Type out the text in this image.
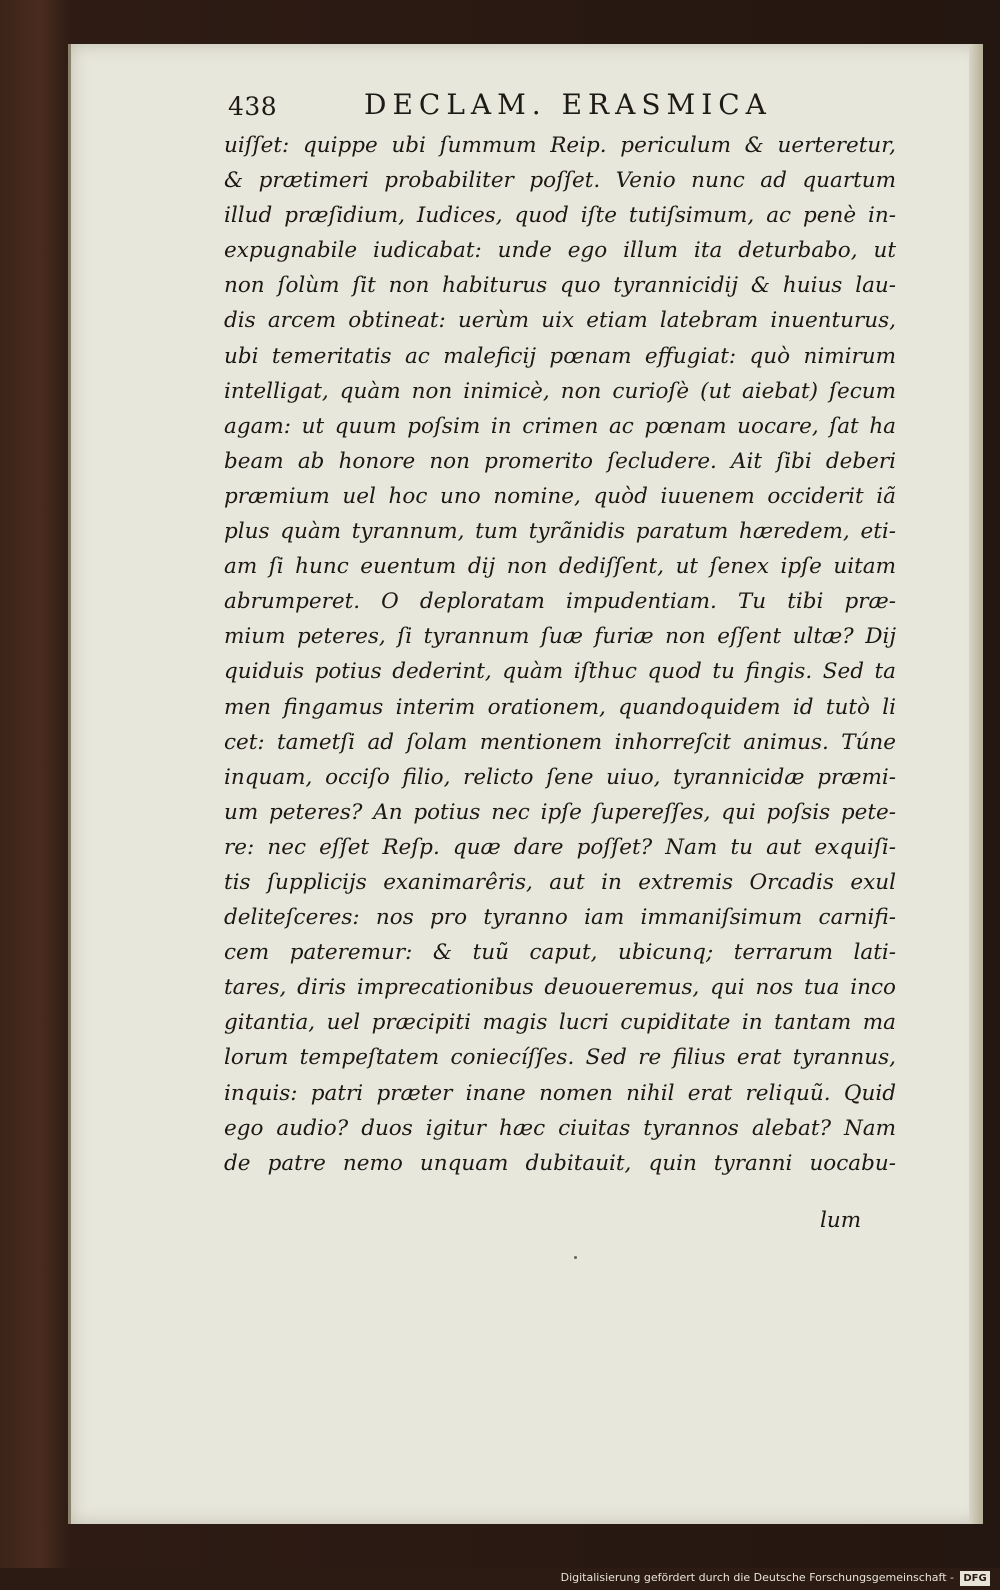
438	DECLAM. ERASMICA
uiſſet: quippe ubi ſummum Reip. periculum & uerteretur,
& prætimeri probabiliter poſſet. Venio nunc ad quartum
illud præſidium, Iudices, quod iſte tutiſsimum, ac penè in-
expugnabile iudicabat: unde ego illum ita deturbabo, ut
non ſolùm ſit non habiturus quo tyrannicidij & huius lau-
dis arcem obtineat: uerùm uix etiam latebram inuenturus,
ubi temeritatis ac maleficij pœnam effugiat: quò nimirum
intelligat, quàm non inimicè, non curioſè (ut aiebat) ſecum
agam: ut quum poſsim in crimen ac pœnam uocare, ſat ha
beam ab honore non promerito ſecludere. Ait ſibi deberi
præmium uel hoc uno nomine, quòd iuuenem occiderit iã
plus quàm tyrannum, tum tyrãnidis paratum hæredem, eti-
am ſi hunc euentum dij non dediſſent, ut ſenex ipſe uitam
abrumperet. O deploratam impudentiam. Tu tibi præ-
mium peteres, ſi tyrannum ſuæ furiæ non eſſent ultæ? Dij
quiduis potius dederint, quàm iſthuc quod tu fingis. Sed ta
men fingamus interim orationem, quandoquidem id tutò li
cet: tametſi ad ſolam mentionem inhorreſcit animus. Túne
inquam, occiſo filio, relicto ſene uiuo, tyrannicidæ præmi-
um peteres? An potius nec ipſe ſupereſſes, qui poſsis pete-
re: nec eſſet Reſp. quæ dare poſſet? Nam tu aut exquiſi-
tis ſupplicijs exanimarêris, aut in extremis Orcadis exul
deliteſceres: nos pro tyranno iam immaniſsimum carnifi-
cem pateremur: & tuũ caput, ubicunq; terrarum lati-
tares, diris imprecationibus deuoueremus, qui nos tua inco
gitantia, uel præcipiti magis lucri cupiditate in tantam ma
lorum tempeſtatem coniecíſſes. Sed re filius erat tyrannus,
inquis: patri præter inane nomen nihil erat reliquũ. Quid
ego audio? duos igitur hæc ciuitas tyrannos alebat? Nam
de patre nemo unquam dubitauit, quin tyranni uocabu-
lum
Digitalisierung gefördert durch die Deutsche Forschungsgemeinschaft - DFG
